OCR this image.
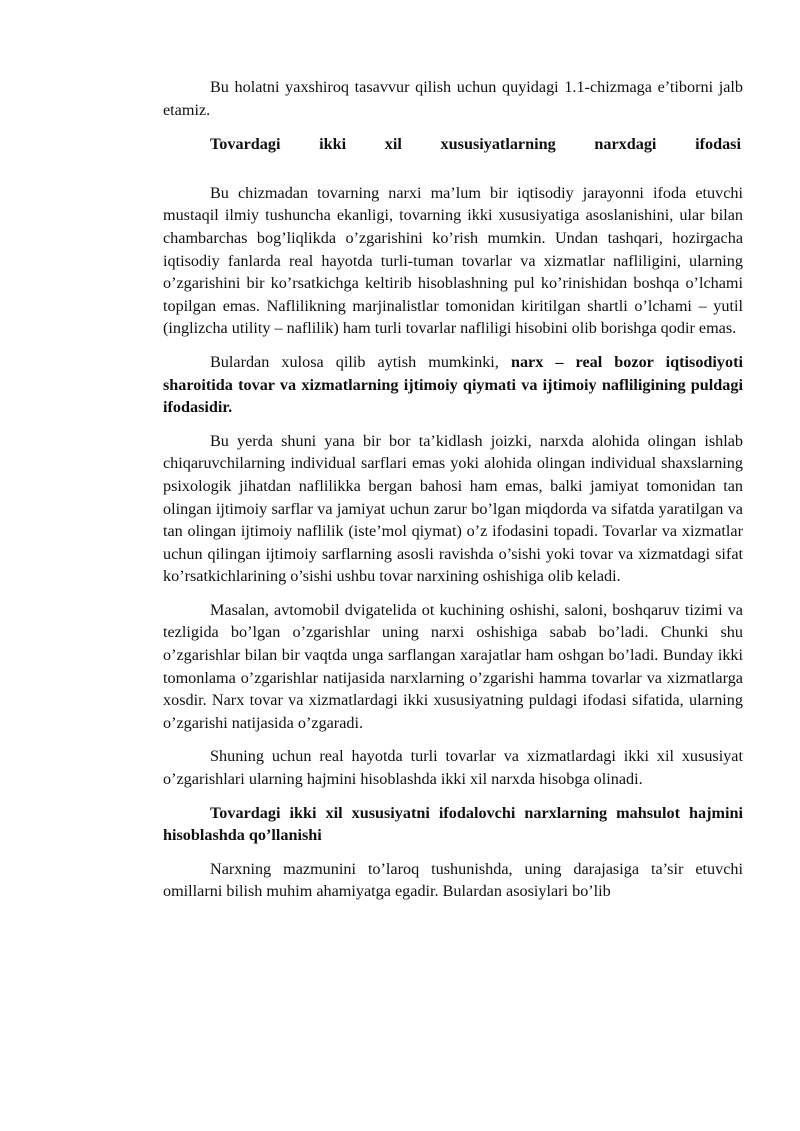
Bu holatni yaxshiroq tasavvur qilish uchun quyidagi 1.1-chizmaga e’tiborni jalb etamiz.

Tovardagi ikki xil xususiyatlarning narxdagi ifodasi

Bu chizmadan tovarning narxi ma’lum bir iqtisodiy jarayonni ifoda etuvchi mustaqil ilmiy tushuncha ekanligi, tovarning ikki xususiyatiga asoslanishini, ular bilan chambarchas bog’liqlikda o’zgarishini ko’rish mumkin. Undan tashqari, hozirgacha iqtisodiy fanlarda real hayotda turli-tuman tovarlar va xizmatlar nafliligini, ularning o’zgarishini bir ko’rsatkichga keltirib hisoblashning pul ko’rinishidan boshqa o’lchami topilgan emas. Naflilikning marjinalistlar tomonidan kiritilgan shartli o’lchami – yutil (inglizcha utility – naflilik) ham turli tovarlar nafliligi hisobini olib borishga qodir emas.

Bulardan xulosa qilib aytish mumkinki, narx – real bozor iqtisodiyoti sharoitida tovar va xizmatlarning ijtimoiy qiymati va ijtimoiy nafliligining puldagi ifodasidir.

Bu yerda shuni yana bir bor ta’kidlash joizki, narxda alohida olingan ishlab chiqaruvchilarning individual sarflari emas yoki alohida olingan individual shaxslarning psixologik jihatdan naflilikka bergan bahosi ham emas, balki jamiyat tomonidan tan olingan ijtimoiy sarflar va jamiyat uchun zarur bo’lgan miqdorda va sifatda yaratilgan va tan olingan ijtimoiy naflilik (iste’mol qiymat) o’z ifodasini topadi. Tovarlar va xizmatlar uchun qilingan ijtimoiy sarflarning asosli ravishda o’sishi yoki tovar va xizmatdagi sifat ko’rsatkichlarining o’sishi ushbu tovar narxining oshishiga olib keladi.

Masalan, avtomobil dvigatelida ot kuchining oshishi, saloni, boshqaruv tizimi va tezligida bo’lgan o’zgarishlar uning narxi oshishiga sabab bo’ladi. Chunki shu o’zgarishlar bilan bir vaqtda unga sarflangan xarajatlar ham oshgan bo’ladi. Bunday ikki tomonlama o’zgarishlar natijasida narxlarning o’zgarishi hamma tovarlar va xizmatlarga xosdir. Narx tovar va xizmatlardagi ikki xususiyatning puldagi ifodasi sifatida, ularning o’zgarishi natijasida o’zgaradi.

Shuning uchun real hayotda turli tovarlar va xizmatlardagi ikki xil xususiyat o’zgarishlari ularning hajmini hisoblashda ikki xil narxda hisobga olinadi.

Tovardagi ikki xil xususiyatni ifodalovchi narxlarning mahsulot hajmini hisoblashda qo’llanishi

Narxning mazmunini to’laroq tushunishda, uning darajasiga ta’sir etuvchi omillarni bilish muhim ahamiyatga egadir. Bulardan asosiylari bo’lib
